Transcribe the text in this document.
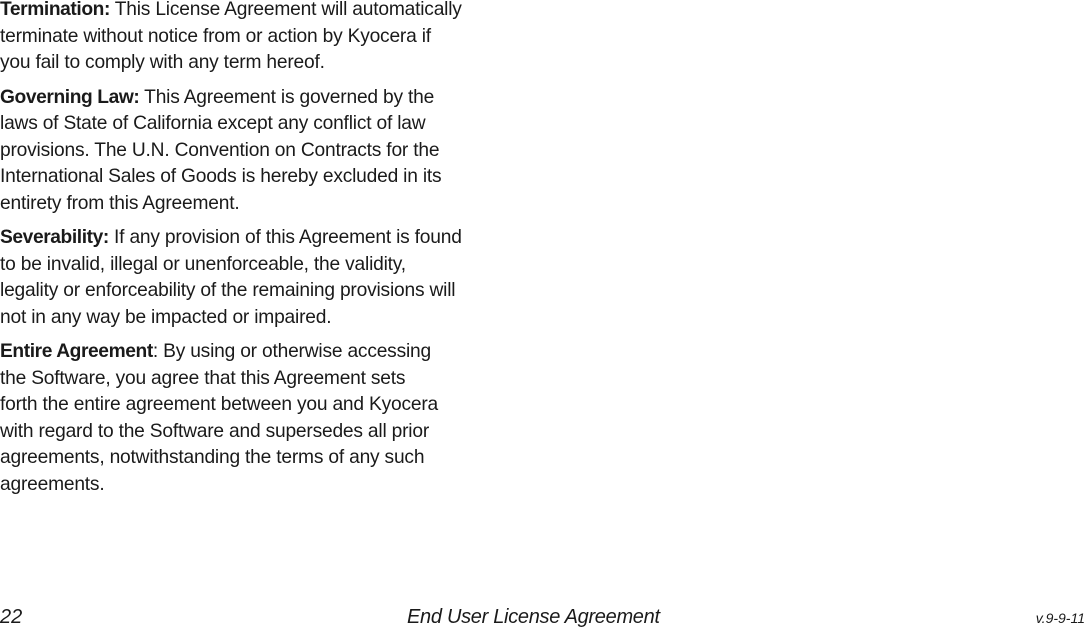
Termination: This License Agreement will automatically
terminate without notice from or action by Kyocera if
you fail to comply with any term hereof.

Governing Law: This Agreement is governed by the
laws of State of California except any conflict of law
provisions. The U.N. Convention on Contracts for the
International Sales of Goods is hereby excluded in its
entirety from this Agreement.

Severability: If any provision of this Agreement is found
to be invalid, illegal or unenforceable, the validity,
legality or enforceability of the remaining provisions will
not in any way be impacted or impaired.

Entire Agreement: By using or otherwise accessing
the Software, you agree that this Agreement sets
forth the entire agreement between you and Kyocera
with regard to the Software and supersedes all prior
agreements, notwithstanding the terms of any such
agreements.

22	End User License Agreement	v.9-9-11
